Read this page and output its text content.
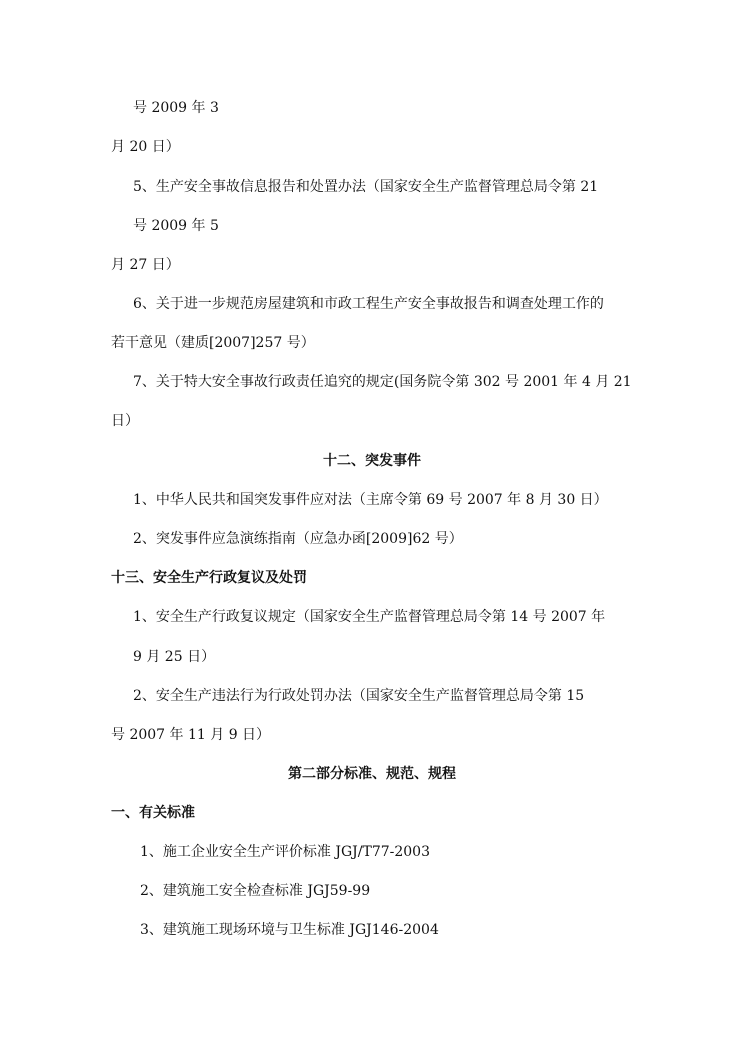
号 2009 年 3
月 20 日）
5、生产安全事故信息报告和处置办法（国家安全生产监督管理总局令第 21
号 2009 年 5
月 27 日）
6、关于进一步规范房屋建筑和市政工程生产安全事故报告和调查处理工作的
若干意见（建质[2007]257 号）
7、关于特大安全事故行政责任追究的规定(国务院令第 302 号 2001 年 4 月 21
日）
十二、突发事件
1、中华人民共和国突发事件应对法（主席令第 69 号 2007 年 8 月 30 日）
2、突发事件应急演练指南（应急办函[2009]62 号）
十三、安全生产行政复议及处罚
1、安全生产行政复议规定（国家安全生产监督管理总局令第 14 号 2007 年
9 月 25 日）
2、安全生产违法行为行政处罚办法（国家安全生产监督管理总局令第 15
号 2007 年 11 月 9 日）
第二部分标准、规范、规程
一、有关标准
1、施工企业安全生产评价标准 JGJ/T77-2003
2、建筑施工安全检查标准 JGJ59-99
3、建筑施工现场环境与卫生标准 JGJ146-2004
